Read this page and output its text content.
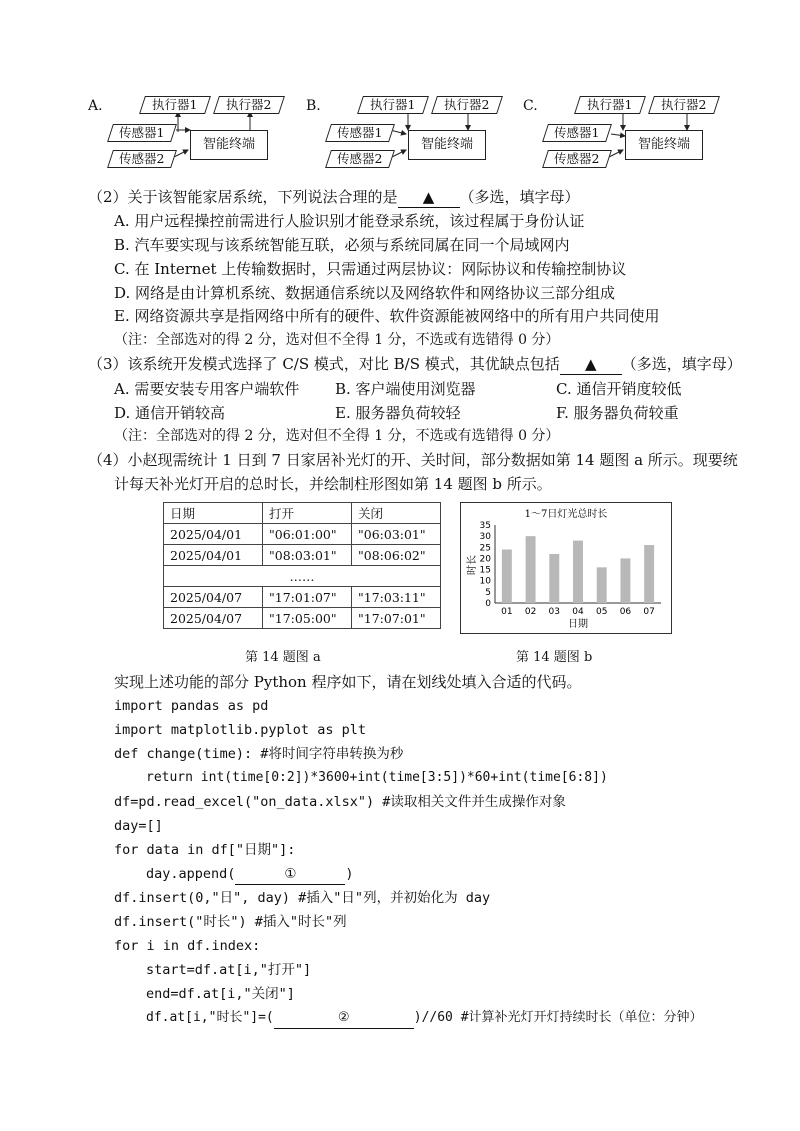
A.	执行器1	执行器2
传感器1
传感器2
智能终端
B.	执行器1	执行器2
传感器1
传感器2
智能终端
C.	执行器1	执行器2
传感器1
传感器2
智能终端
（2）关于该智能家居系统，下列说法合理的是 ▲ （多选，填字母）
A. 用户远程操控前需进行人脸识别才能登录系统，该过程属于身份认证
B. 汽车要实现与该系统智能互联，必须与系统同属在同一个局域网内
C. 在 Internet 上传输数据时，只需通过两层协议：网际协议和传输控制协议
D. 网络是由计算机系统、数据通信系统以及网络软件和网络协议三部分组成
E. 网络资源共享是指网络中所有的硬件、软件资源能被网络中的所有用户共同使用
（注：全部选对的得 2 分，选对但不全得 1 分，不选或有选错得 0 分）
（3）该系统开发模式选择了 C/S 模式，对比 B/S 模式，其优缺点包括 ▲ （多选，填字母）
A. 需要安装专用客户端软件 B. 客户端使用浏览器	C. 通信开销度较低
D. 通信开销较高	E. 服务器负荷较轻	F. 服务器负荷较重
（注：全部选对的得 2 分，选对但不全得 1 分，不选或有选错得 0 分）
（4）小赵现需统计 1 日到 7 日家居补光灯的开、关时间，部分数据如第 14 题图 a 所示。现要统
计每天补光灯开启的总时长，并绘制柱形图如第 14 题图 b 所示。
日期	打开	关闭
2025/04/01	"06:01:00"	"06:03:01"
2025/04/01	"08:03:01"	"08:06:02"
……		
2025/04/07	"17:01:07"	"17:03:11"
2025/04/07	"17:05:00"	"17:07:01"
1～7日灯光总时长
0
5
10
15
20
25
30
35
01 02 03 04 05 06 07
日期
时长
第 14 题图 a	第 14 题图 b
实现上述功能的部分 Python 程序如下，请在划线处填入合适的代码。
import pandas as pd
import matplotlib.pyplot as plt
def change(time): #将时间字符串转换为秒
return int(time[0:2])*3600+int(time[3:5])*60+int(time[6:8])
df=pd.read_excel("on_data.xlsx") #读取相关文件并生成操作对象
day=[]
for data in df["日期"]:
day.append(	①	)
df.insert(0,"日", day) #插入"日"列，并初始化为 day
df.insert("时长") #插入"时长"列
for i in df.index:
start=df.at[i,"打开"]
end=df.at[i,"关闭"]
df.at[i,"时长"]=(	②	)//60 #计算补光灯开灯持续时长（单位：分钟）
